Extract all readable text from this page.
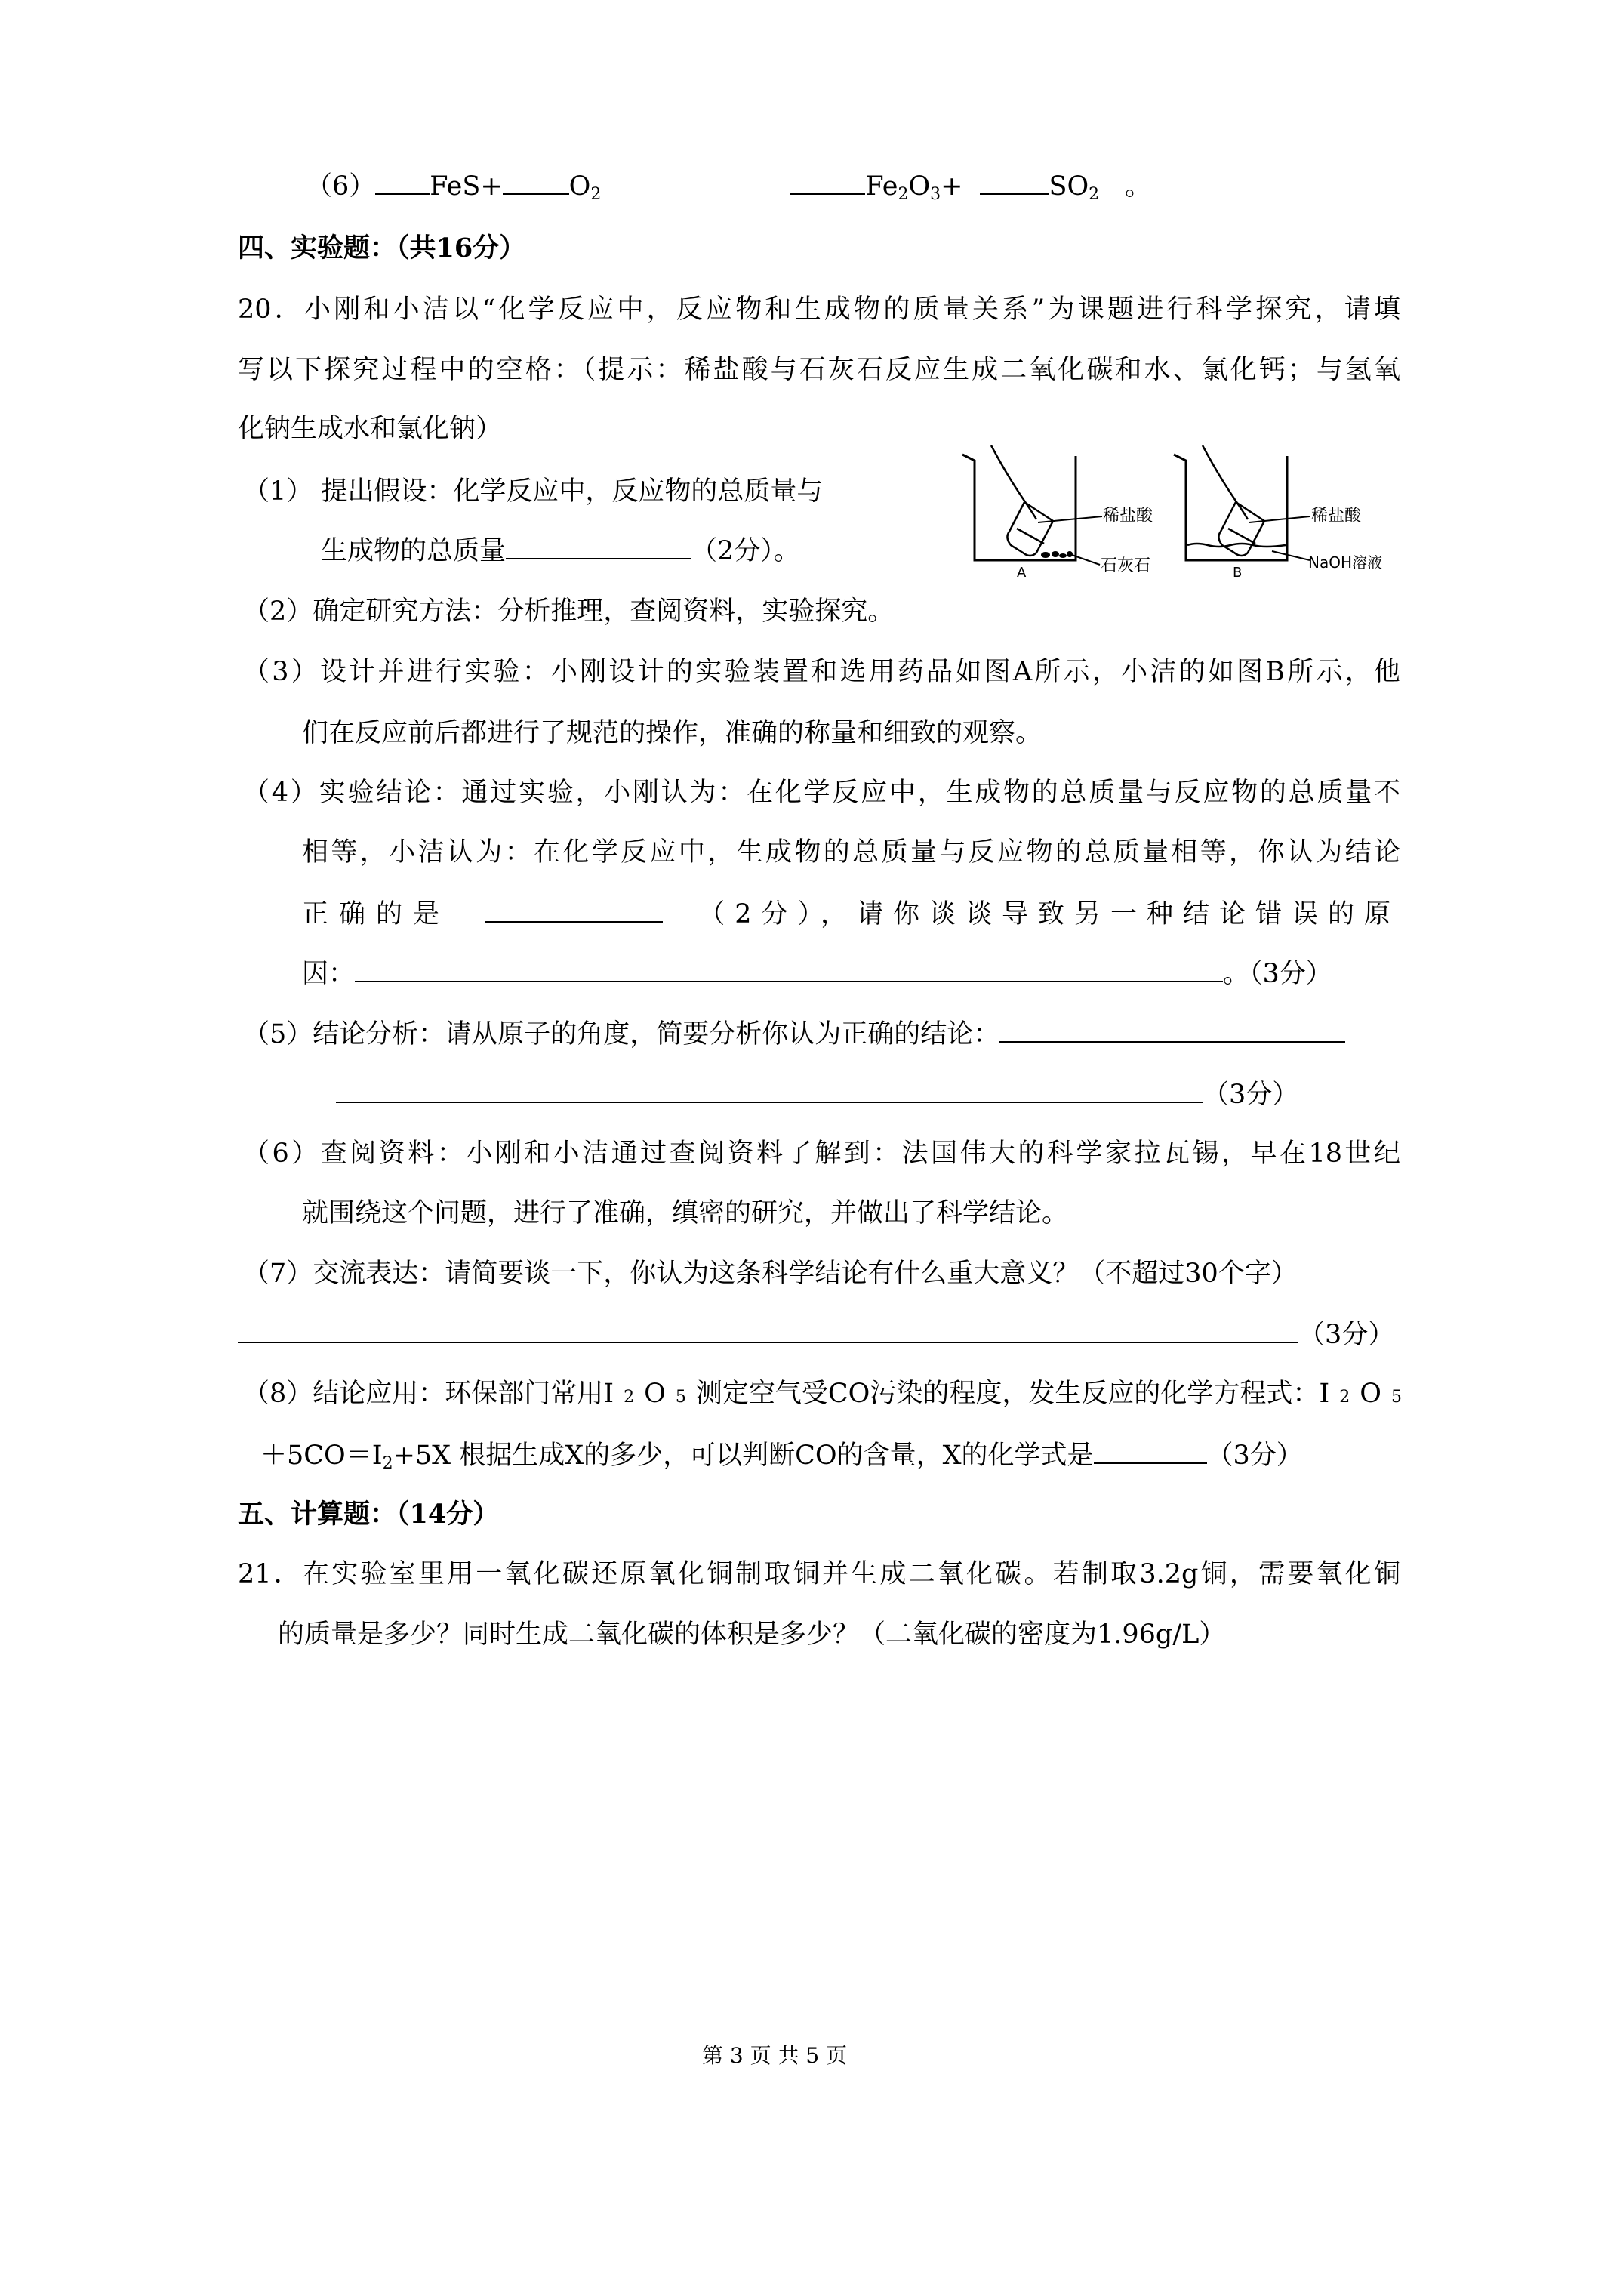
（6） FeS+	$O_2$	$Fe_2O_3+$	$SO_2$ 。
四、实验题：（共16分）
20．小刚和小洁以“化学反应中，反应物和生成物的质量关系”为课题进行科学探究，请填
写以下探究过程中的空格：（提示：稀盐酸与石灰石反应生成二氧化碳和水、氯化钙；与氢氧
化钠生成水和氯化钠）
（1） 提出假设：化学反应中，反应物的总质量与
生成物的总质量	（2分）。
稀盐酸
石灰石
A
稀盐酸
NaOH溶液
B
（2）确定研究方法：分析推理，查阅资料，实验探究。
（3）设计并进行实验：小刚设计的实验装置和选用药品如图A所示，小洁的如图B所示，他
们在反应前后都进行了规范的操作，准确的称量和细致的观察。
（4）实验结论：通过实验，小刚认为：在化学反应中，生成物的总质量与反应物的总质量不
相等，小洁认为：在化学反应中，生成物的总质量与反应物的总质量相等，你认为结论
正确的是	（2分），请你谈谈导致另一种结论错误的原
因：	。（3分）
（5）结论分析：请从原子的角度，简要分析你认为正确的结论：
（3分）
（6）查阅资料：小刚和小洁通过查阅资料了解到：法国伟大的科学家拉瓦锡，早在18世纪
就围绕这个问题，进行了准确，缜密的研究，并做出了科学结论。
（7）交流表达：请简要谈一下，你认为这条科学结论有什么重大意义？（不超过30个字）
（3分）
（8）结论应用：环保部门常用I 2 O 5 测定空气受CO污染的程度，发生反应的化学方程式：I 2 O 5
$+5CO=I_2+5X$ 根据生成X的多少，可以判断CO的含量，X的化学式是	（3分）
五、计算题：（14分）
21．在实验室里用一氧化碳还原氧化铜制取铜并生成二氧化碳。若制取3.2g铜，需要氧化铜
的质量是多少？同时生成二氧化碳的体积是多少？（二氧化碳的密度为1.96g/L）
第 3 页 共 5 页
